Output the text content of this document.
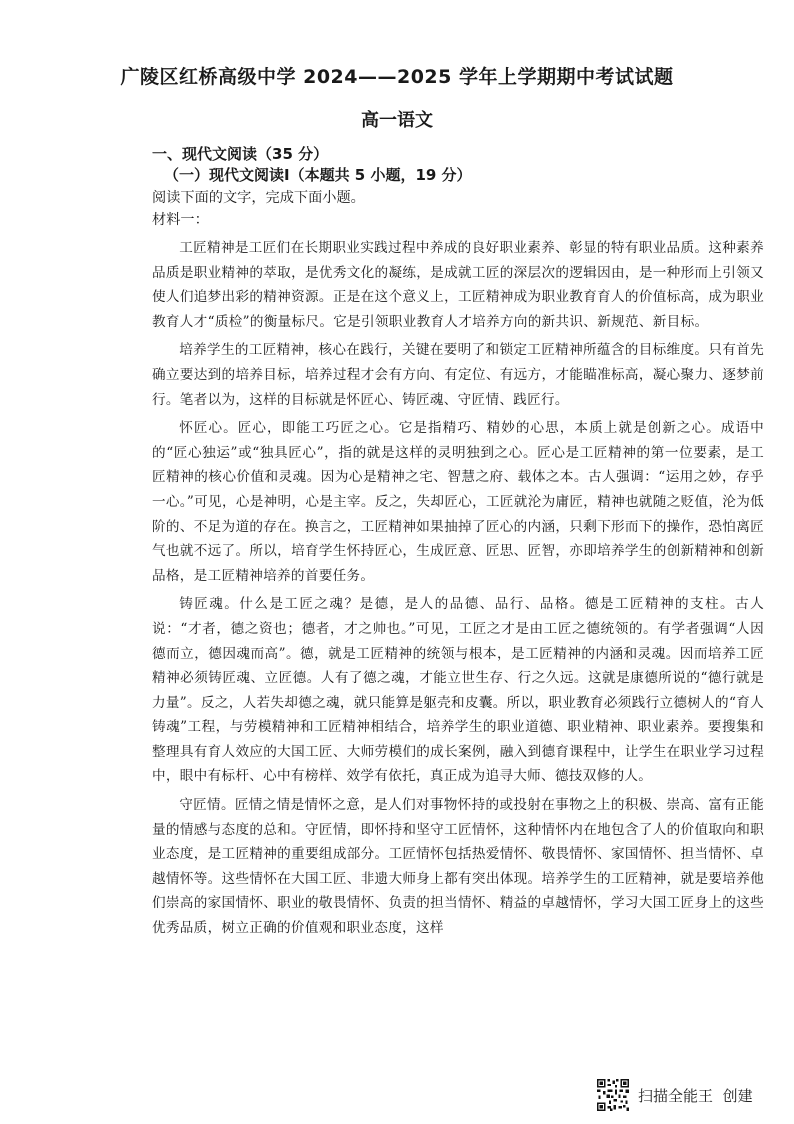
广陵区红桥高级中学 2024——2025 学年上学期期中考试试题
高一语文
一、现代文阅读（35 分）
（一）现代文阅读Ⅰ（本题共 5 小题，19 分）
阅读下面的文字，完成下面小题。
材料一：

工匠精神是工匠们在长期职业实践过程中养成的良好职业素养、彰显的特有职业品质。这种素养品质是职业精神的萃取，是优秀文化的凝练，是成就工匠的深层次的逻辑因由，是一种形而上引领又使人们追梦出彩的精神资源。正是在这个意义上，工匠精神成为职业教育育人的价值标高，成为职业教育人才“质检”的衡量标尺。它是引领职业教育人才培养方向的新共识、新规范、新目标。

培养学生的工匠精神，核心在践行，关键在要明了和锁定工匠精神所蕴含的目标维度。只有首先确立要达到的培养目标，培养过程才会有方向、有定位、有远方，才能瞄准标高，凝心聚力、逐梦前行。笔者以为，这样的目标就是怀匠心、铸匠魂、守匠情、践匠行。

怀匠心。匠心，即能工巧匠之心。它是指精巧、精妙的心思，本质上就是创新之心。成语中的“匠心独运”或“独具匠心”，指的就是这样的灵明独到之心。匠心是工匠精神的第一位要素，是工匠精神的核心价值和灵魂。因为心是精神之宅、智慧之府、载体之本。古人强调：“运用之妙，存乎一心。”可见，心是神明，心是主宰。反之，失却匠心，工匠就沦为庸匠，精神也就随之贬值，沦为低阶的、不足为道的存在。换言之，工匠精神如果抽掉了匠心的内涵，只剩下形而下的操作，恐怕离匠气也就不远了。所以，培育学生怀持匠心，生成匠意、匠思、匠智，亦即培养学生的创新精神和创新品格，是工匠精神培养的首要任务。

铸匠魂。什么是工匠之魂？是德，是人的品德、品行、品格。德是工匠精神的支柱。古人说：“才者，德之资也；德者，才之帅也。”可见，工匠之才是由工匠之德统领的。有学者强调“人因德而立，德因魂而高”。德，就是工匠精神的统领与根本，是工匠精神的内涵和灵魂。因而培养工匠精神必须铸匠魂、立匠德。人有了德之魂，才能立世生存、行之久远。这就是康德所说的“德行就是力量”。反之，人若失却德之魂，就只能算是躯壳和皮囊。所以，职业教育必须践行立德树人的“育人铸魂”工程，与劳模精神和工匠精神相结合，培养学生的职业道德、职业精神、职业素养。要搜集和整理具有育人效应的大国工匠、大师劳模们的成长案例，融入到德育课程中，让学生在职业学习过程中，眼中有标杆、心中有榜样、效学有依托，真正成为追寻大师、德技双修的人。

守匠情。匠情之情是情怀之意，是人们对事物怀持的或投射在事物之上的积极、崇高、富有正能量的情感与态度的总和。守匠情，即怀持和坚守工匠情怀，这种情怀内在地包含了人的价值取向和职业态度，是工匠精神的重要组成部分。工匠情怀包括热爱情怀、敬畏情怀、家国情怀、担当情怀、卓越情怀等。这些情怀在大国工匠、非遗大师身上都有突出体现。培养学生的工匠精神，就是要培养他们崇高的家国情怀、职业的敬畏情怀、负责的担当情怀、精益的卓越情怀，学习大国工匠身上的这些优秀品质，树立正确的价值观和职业态度，这样

扫描全能王 创建
